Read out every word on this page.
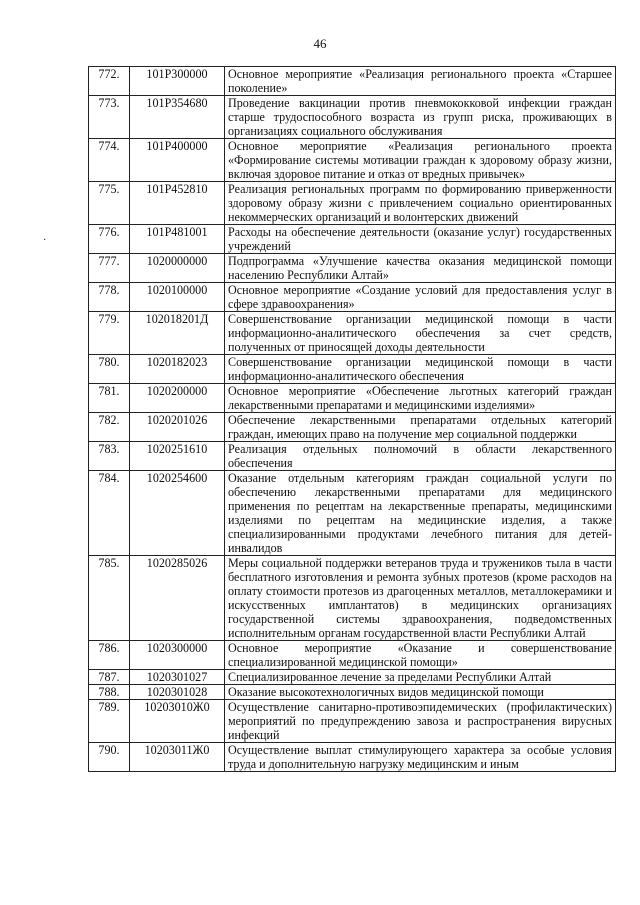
46
·
772.	101P300000	Основное мероприятие «Реализация регионального проекта «Старшее поколение»
773.	101P354680	Проведение вакцинации против пневмококковой инфекции граждан старше трудоспособного возраста из групп риска, проживающих в организациях социального обслуживания
774.	101P400000	Основное мероприятие «Реализация регионального проекта «Формирование системы мотивации граждан к здоровому образу жизни, включая здоровое питание и отказ от вредных привычек»
775.	101P452810	Реализация региональных программ по формированию приверженности здоровому образу жизни с привлечением социально ориентированных некоммерческих организаций и волонтерских движений
776.	101P481001	Расходы на обеспечение деятельности (оказание услуг) государственных учреждений
777.	1020000000	Подпрограмма «Улучшение качества оказания медицинской помощи населению Республики Алтай»
778.	1020100000	Основное мероприятие «Создание условий для предоставления услуг в сфере здравоохранения»
779.	102018201Д	Совершенствование организации медицинской помощи в части информационно-аналитического обеспечения за счет средств, полученных от приносящей доходы деятельности
780.	1020182023	Совершенствование организации медицинской помощи в части информационно-аналитического обеспечения
781.	1020200000	Основное мероприятие «Обеспечение льготных категорий граждан лекарственными препаратами и медицинскими изделиями»
782.	1020201026	Обеспечение лекарственными препаратами отдельных категорий граждан, имеющих право на получение мер социальной поддержки
783.	1020251610	Реализация отдельных полномочий в области лекарственного обеспечения
784.	1020254600	Оказание отдельным категориям граждан социальной услуги по обеспечению лекарственными препаратами для медицинского применения по рецептам на лекарственные препараты, медицинскими изделиями по рецептам на медицинские изделия, а также специализированными продуктами лечебного питания для детей-инвалидов
785.	1020285026	Меры социальной поддержки ветеранов труда и тружеников тыла в части бесплатного изготовления и ремонта зубных протезов (кроме расходов на оплату стоимости протезов из драгоценных металлов, металлокерамики и искусственных имплантатов) в медицинских организациях государственной системы здравоохранения, подведомственных исполнительным органам государственной власти Республики Алтай
786.	1020300000	Основное мероприятие «Оказание и совершенствование специализированной медицинской помощи»
787.	1020301027	Специализированное лечение за пределами Республики Алтай
788.	1020301028	Оказание высокотехнологичных видов медицинской помощи
789.	10203010Ж0	Осуществление санитарно-противоэпидемических (профилактических) мероприятий по предупреждению завоза и распространения вирусных инфекций
790.	10203011Ж0	Осуществление выплат стимулирующего характера за особые условия труда и дополнительную нагрузку медицинским и иным
